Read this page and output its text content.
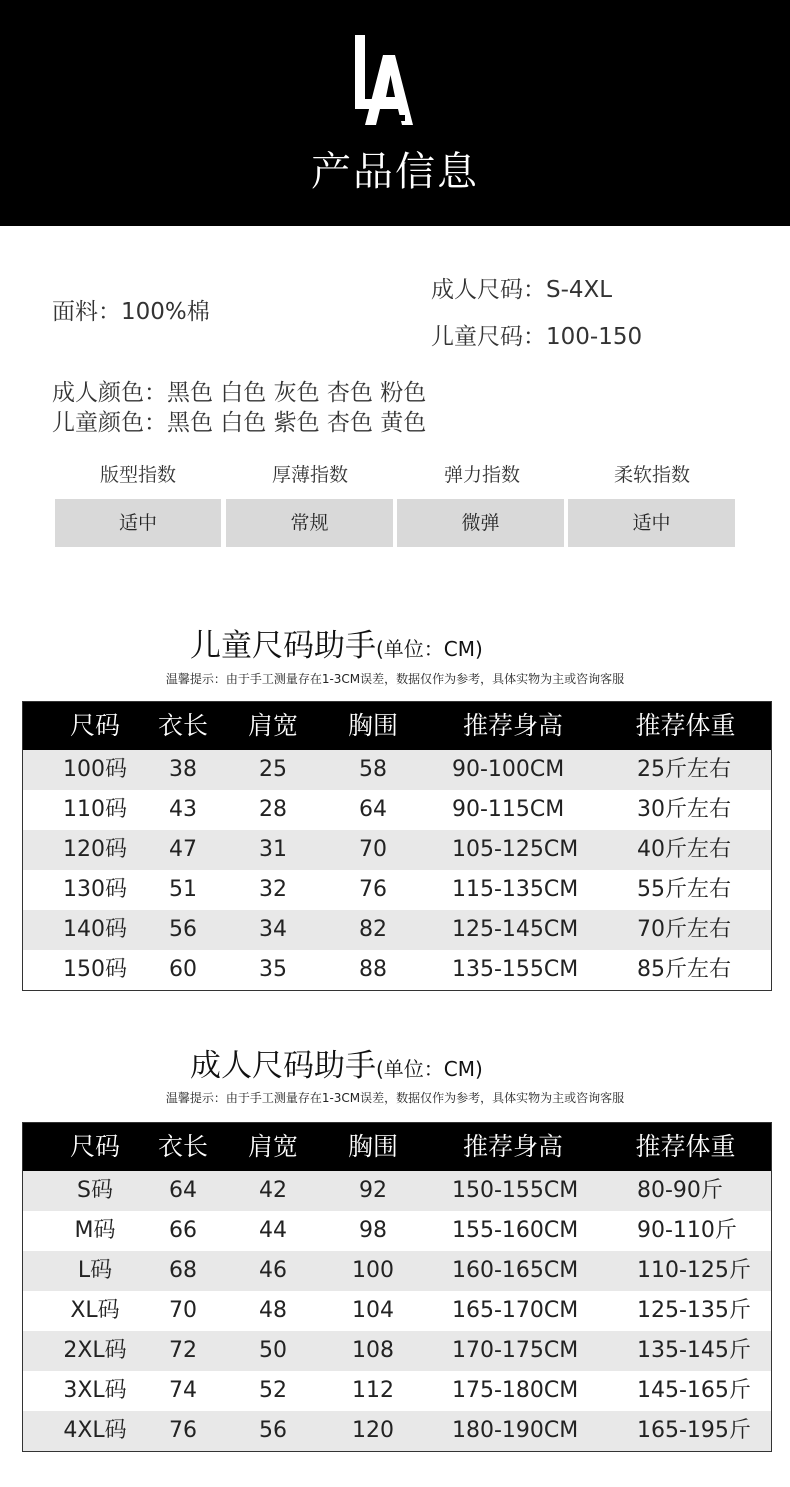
产品信息
面料：100%棉
成人尺码：S-4XL
儿童尺码：100-150
成人颜色：黑色 白色 灰色 杏色 粉色
儿童颜色：黑色 白色 紫色 杏色 黄色
版型指数	厚薄指数	弹力指数	柔软指数
适中	常规	微弹	适中
儿童尺码助手(单位：CM)
温馨提示：由于手工测量存在1-3CM误差，数据仅作为参考，具体实物为主或咨询客服
尺码	衣长	肩宽	胸围	推荐身高	推荐体重
100码	38	25	58	90-100CM	25斤左右
110码	43	28	64	90-115CM	30斤左右
120码	47	31	70	105-125CM	40斤左右
130码	51	32	76	115-135CM	55斤左右
140码	56	34	82	125-145CM	70斤左右
150码	60	35	88	135-155CM	85斤左右
成人尺码助手(单位：CM)
温馨提示：由于手工测量存在1-3CM误差，数据仅作为参考，具体实物为主或咨询客服
尺码	衣长	肩宽	胸围	推荐身高	推荐体重
S码	64	42	92	150-155CM	80-90斤
M码	66	44	98	155-160CM	90-110斤
L码	68	46	100	160-165CM	110-125斤
XL码	70	48	104	165-170CM	125-135斤
2XL码	72	50	108	170-175CM	135-145斤
3XL码	74	52	112	175-180CM	145-165斤
4XL码	76	56	120	180-190CM	165-195斤
